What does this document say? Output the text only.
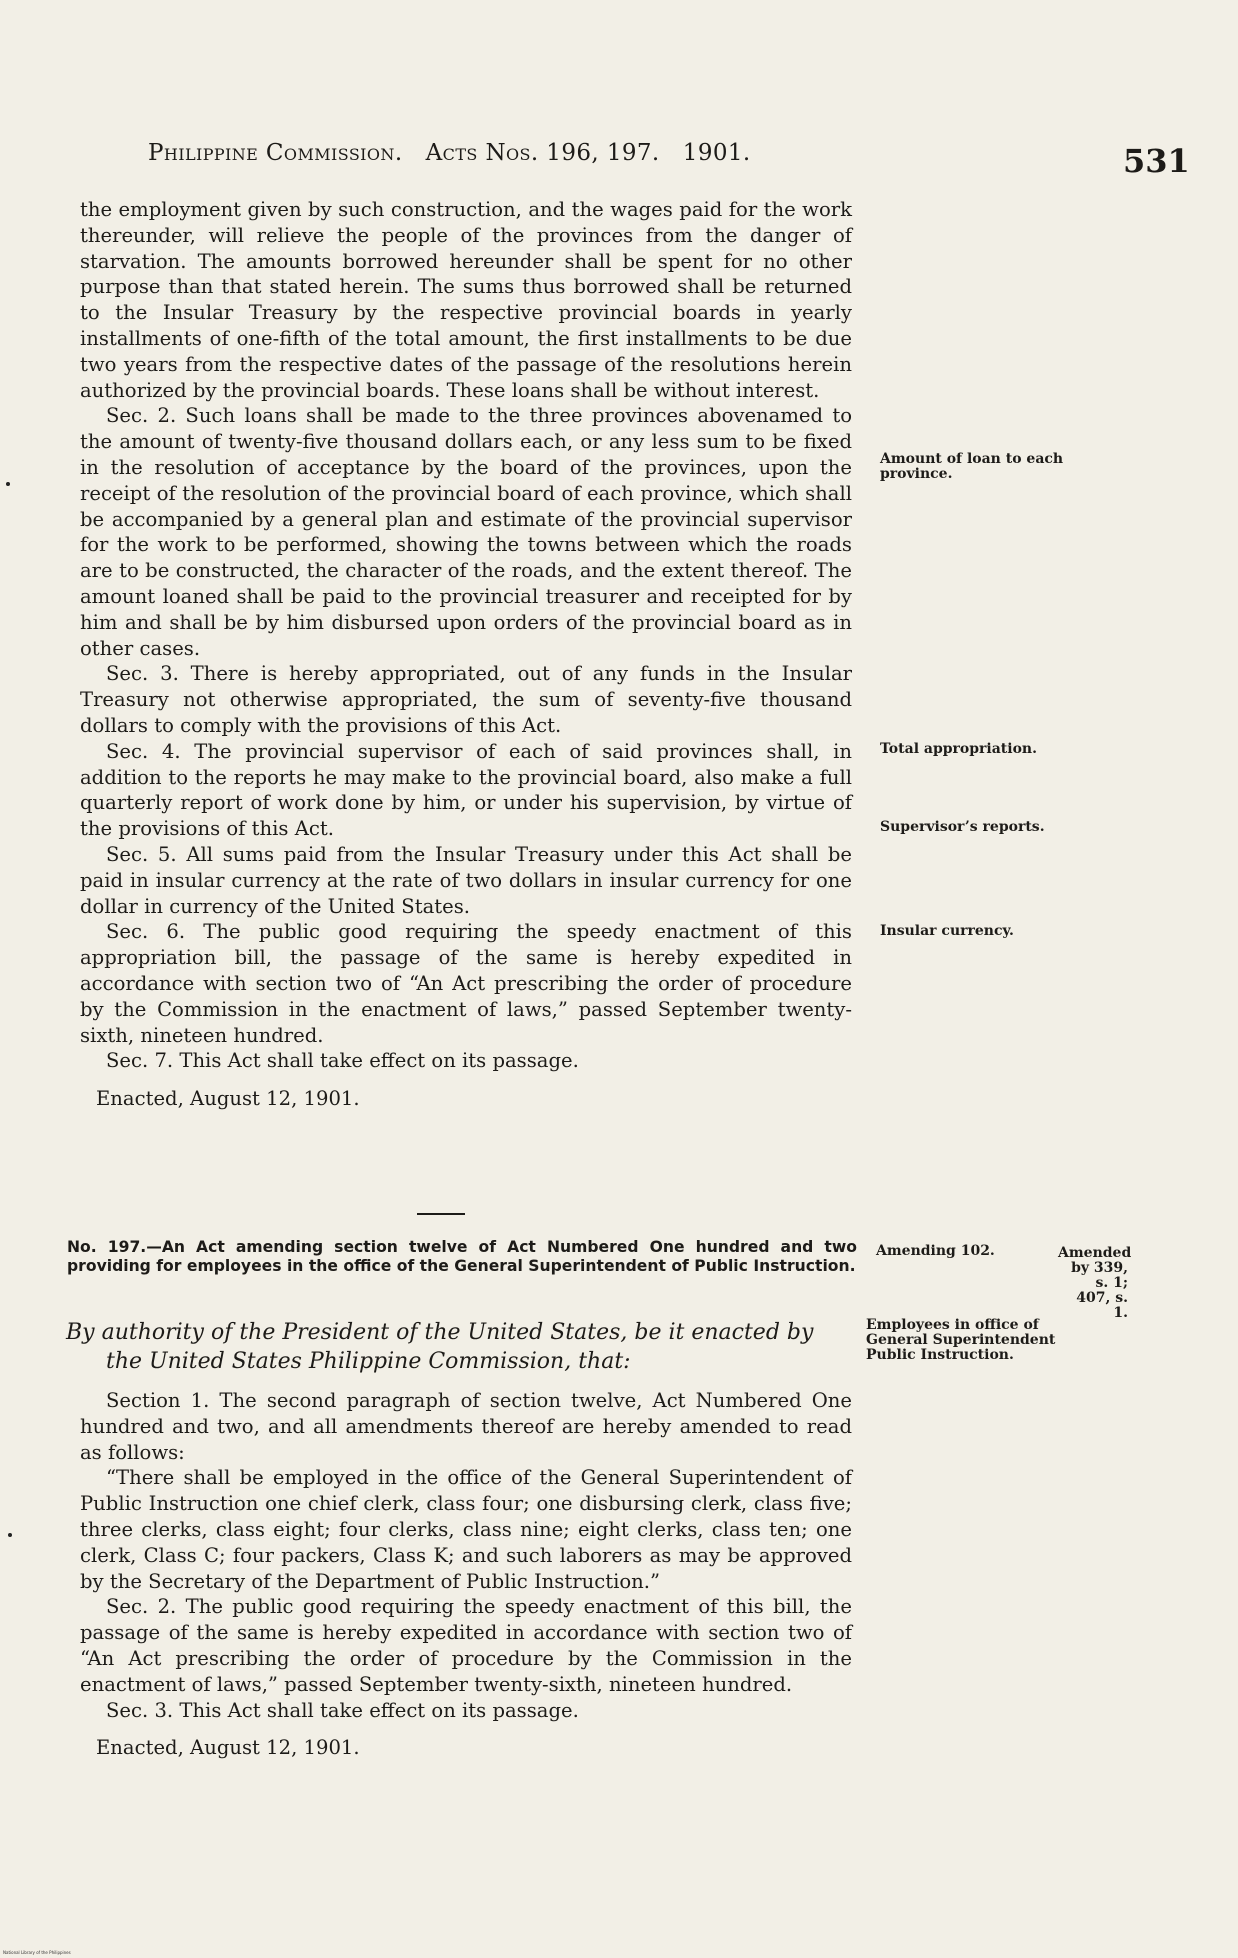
Philippine Commission. Acts Nos. 196, 197. 1901.	531

the employment given by such construction, and the wages paid for the work thereunder, will relieve the people of the provinces from the danger of starvation. The amounts borrowed hereunder shall be spent for no other purpose than that stated herein. The sums thus borrowed shall be returned to the Insular Treasury by the respective provincial boards in yearly installments of one-fifth of the total amount, the first installments to be due two years from the respective dates of the passage of the resolutions herein authorized by the provincial boards. These loans shall be without interest.

Sec. 2. Such loans shall be made to the three provinces abovenamed to the amount of twenty-five thousand dollars each, or any less sum to be fixed in the resolution of acceptance by the board of the provinces, upon the receipt of the resolution of the provincial board of each province, which shall be accompanied by a general plan and estimate of the provincial supervisor for the work to be performed, showing the towns between which the roads are to be constructed, the character of the roads, and the extent thereof. The amount loaned shall be paid to the provincial treasurer and receipted for by him and shall be by him disbursed upon orders of the provincial board as in other cases.

Sec. 3. There is hereby appropriated, out of any funds in the Insular Treasury not otherwise appropriated, the sum of seventy-five thousand dollars to comply with the provisions of this Act.

Sec. 4. The provincial supervisor of each of said provinces shall, in addition to the reports he may make to the provincial board, also make a full quarterly report of work done by him, or under his supervision, by virtue of the provisions of this Act.

Sec. 5. All sums paid from the Insular Treasury under this Act shall be paid in insular currency at the rate of two dollars in insular currency for one dollar in currency of the United States.

Sec. 6. The public good requiring the speedy enactment of this appropriation bill, the passage of the same is hereby expedited in accordance with section two of “An Act prescribing the order of procedure by the Commission in the enactment of laws,” passed September twenty-sixth, nineteen hundred.

Sec. 7. This Act shall take effect on its passage.

Enacted, August 12, 1901.

No. 197.—An Act amending section twelve of Act Numbered One hundred and two providing for employees in the office of the General Superintendent of Public Instruction.
By authority of the President of the United States, be it enacted by
the United States Philippine Commission, that:

Section 1. The second paragraph of section twelve, Act Numbered One hundred and two, and all amendments thereof are hereby amended to read as follows:

“There shall be employed in the office of the General Superintendent of Public Instruction one chief clerk, class four; one disbursing clerk, class five; three clerks, class eight; four clerks, class nine; eight clerks, class ten; one clerk, Class C; four packers, Class K; and such laborers as may be approved by the Secretary of the Department of Public Instruction.”

Sec. 2. The public good requiring the speedy enactment of this bill, the passage of the same is hereby expedited in accordance with section two of “An Act prescribing the order of procedure by the Commission in the enactment of laws,” passed September twenty-sixth, nineteen hundred.

Sec. 3. This Act shall take effect on its passage.

Enacted, August 12, 1901.

Amount of loan to each province.
Total appropriation.
Supervisor’s reports.
Insular currency.
Amending 102.	Amended by 339, s. 1; 407, s. 1.
Employees in office of General Superintendent Public Instruction.
National Library of the Philippines
